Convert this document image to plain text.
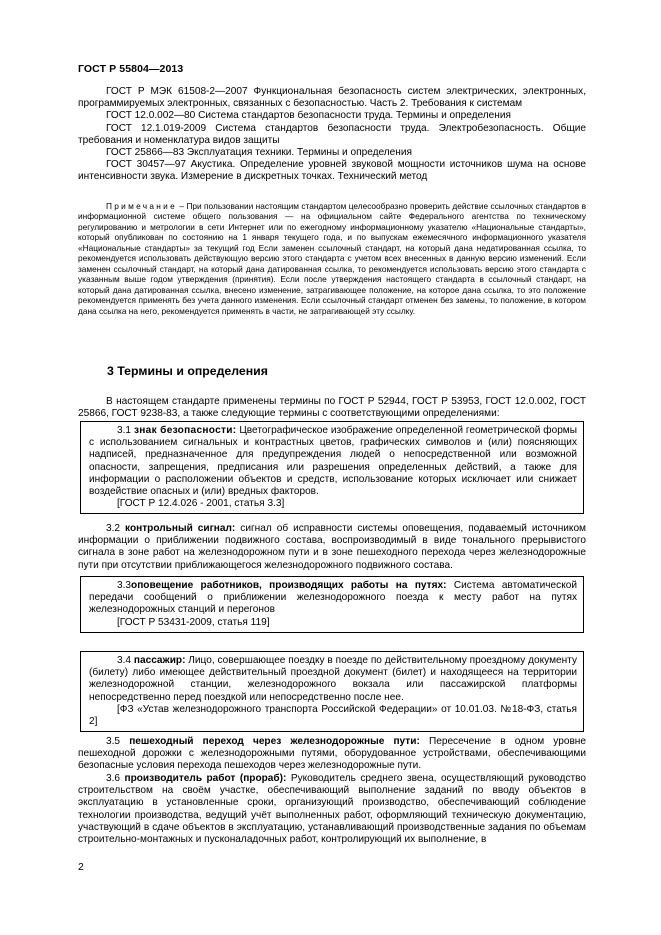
ГОСТ Р 55804—2013

ГОСТ Р МЭК 61508-2—2007 Функциональная безопасность систем электрических, электронных, программируемых электронных, связанных с безопасностью. Часть 2. Требования к системам

ГОСТ 12.0.002—80 Система стандартов безопасности труда. Термины и определения

ГОСТ 12.1.019-2009 Система стандартов безопасности труда. Электробезопасность. Общие требования и номенклатура видов защиты

ГОСТ 25866—83 Эксплуатация техники. Термины и определения

ГОСТ 30457—97 Акустика. Определение уровней звуковой мощности источников шума на основе интенсивности звука. Измерение в дискретных точках. Технический метод

Примечание – При пользовании настоящим стандартом целесообразно проверить действие ссылочных стандартов в информационной системе общего пользования — на официальном сайте Федерального агентства по техническому регулированию и метрологии в сети Интернет или по ежегодному информационному указателю «Национальные стандарты», который опубликован по состоянию на 1 января текущего года, и по выпускам ежемесячного информационного указателя «Национальные стандарты» за текущий год Если заменен ссылочный стандарт, на который дана недатированная ссылка, то рекомендуется использовать действующую версию этого стандарта с учетом всех внесенных в данную версию изменений. Если заменен ссылочный стандарт, на который дана датированная ссылка, то рекомендуется использовать версию этого стандарта с указанным выше годом утверждения (принятия). Если после утверждения настоящего стандарта в ссылочный стандарт, на который дана датированная ссылка, внесено изменение, затрагивающее положение, на которое дана ссылка, то это положение рекомендуется применять без учета данного изменения. Если ссылочный стандарт отменен без замены, то положение, в котором дана ссылка на него, рекомендуется применять в части, не затрагивающей эту ссылку.

3 Термины и определения

В настоящем стандарте применены термины по ГОСТ Р 52944, ГОСТ Р 53953, ГОСТ 12.0.002, ГОСТ 25866, ГОСТ 9238-83, а также следующие термины с соответствующими определениями:

3.1 знак безопасности: Цветографическое изображение определенной геометрической формы с использованием сигнальных и контрастных цветов, графических символов и (или) поясняющих надписей, предназначенное для предупреждения людей о непосредственной или возможной опасности, запрещения, предписания или разрешения определенных действий, а также для информации о расположении объектов и средств, использование которых исключает или снижает воздействие опасных и (или) вредных факторов.

[ГОСТ Р 12.4.026 - 2001, статья 3.3]

3.2 контрольный сигнал: сигнал об исправности системы оповещения, подаваемый источником информации о приближении подвижного состава, воспроизводимый в виде тонального прерывистого сигнала в зоне работ на железнодорожном пути и в зоне пешеходного перехода через железнодорожные пути при отсутствии приближающегося железнодорожного подвижного состава.

3.3оповещение работников, производящих работы на путях: Система автоматической передачи сообщений о приближении железнодорожного поезда к месту работ на путях железнодорожных станций и перегонов

[ГОСТ Р 53431-2009, статья 119]

3.4 пассажир: Лицо, совершающее поездку в поезде по действительному проездному документу (билету) либо имеющее действительный проездной документ (билет) и находящееся на территории железнодорожной станции, железнодорожного вокзала или пассажирской платформы непосредственно перед поездкой или непосредственно после нее.

[ФЗ «Устав железнодорожного транспорта Российской Федерации» от 10.01.03. №18-ФЗ, статья 2]

3.5 пешеходный переход через железнодорожные пути: Пересечение в одном уровне пешеходной дорожки с железнодорожными путями, оборудованное устройствами, обеспечивающими безопасные условия перехода пешеходов через железнодорожные пути.

3.6 производитель работ (прораб): Руководитель среднего звена, осуществляющий руководство строительством на своём участке, обеспечивающий выполнение заданий по вводу объектов в эксплуатацию в установленные сроки, организующий производство, обеспечивающий соблюдение технологии производства, ведущий учёт выполненных работ, оформляющий техническую документацию, участвующий в сдаче объектов в эксплуатацию, устанавливающий производственные задания по объемам строительно-монтажных и пусконаладочных работ, контролирующий их выполнение, в

2
